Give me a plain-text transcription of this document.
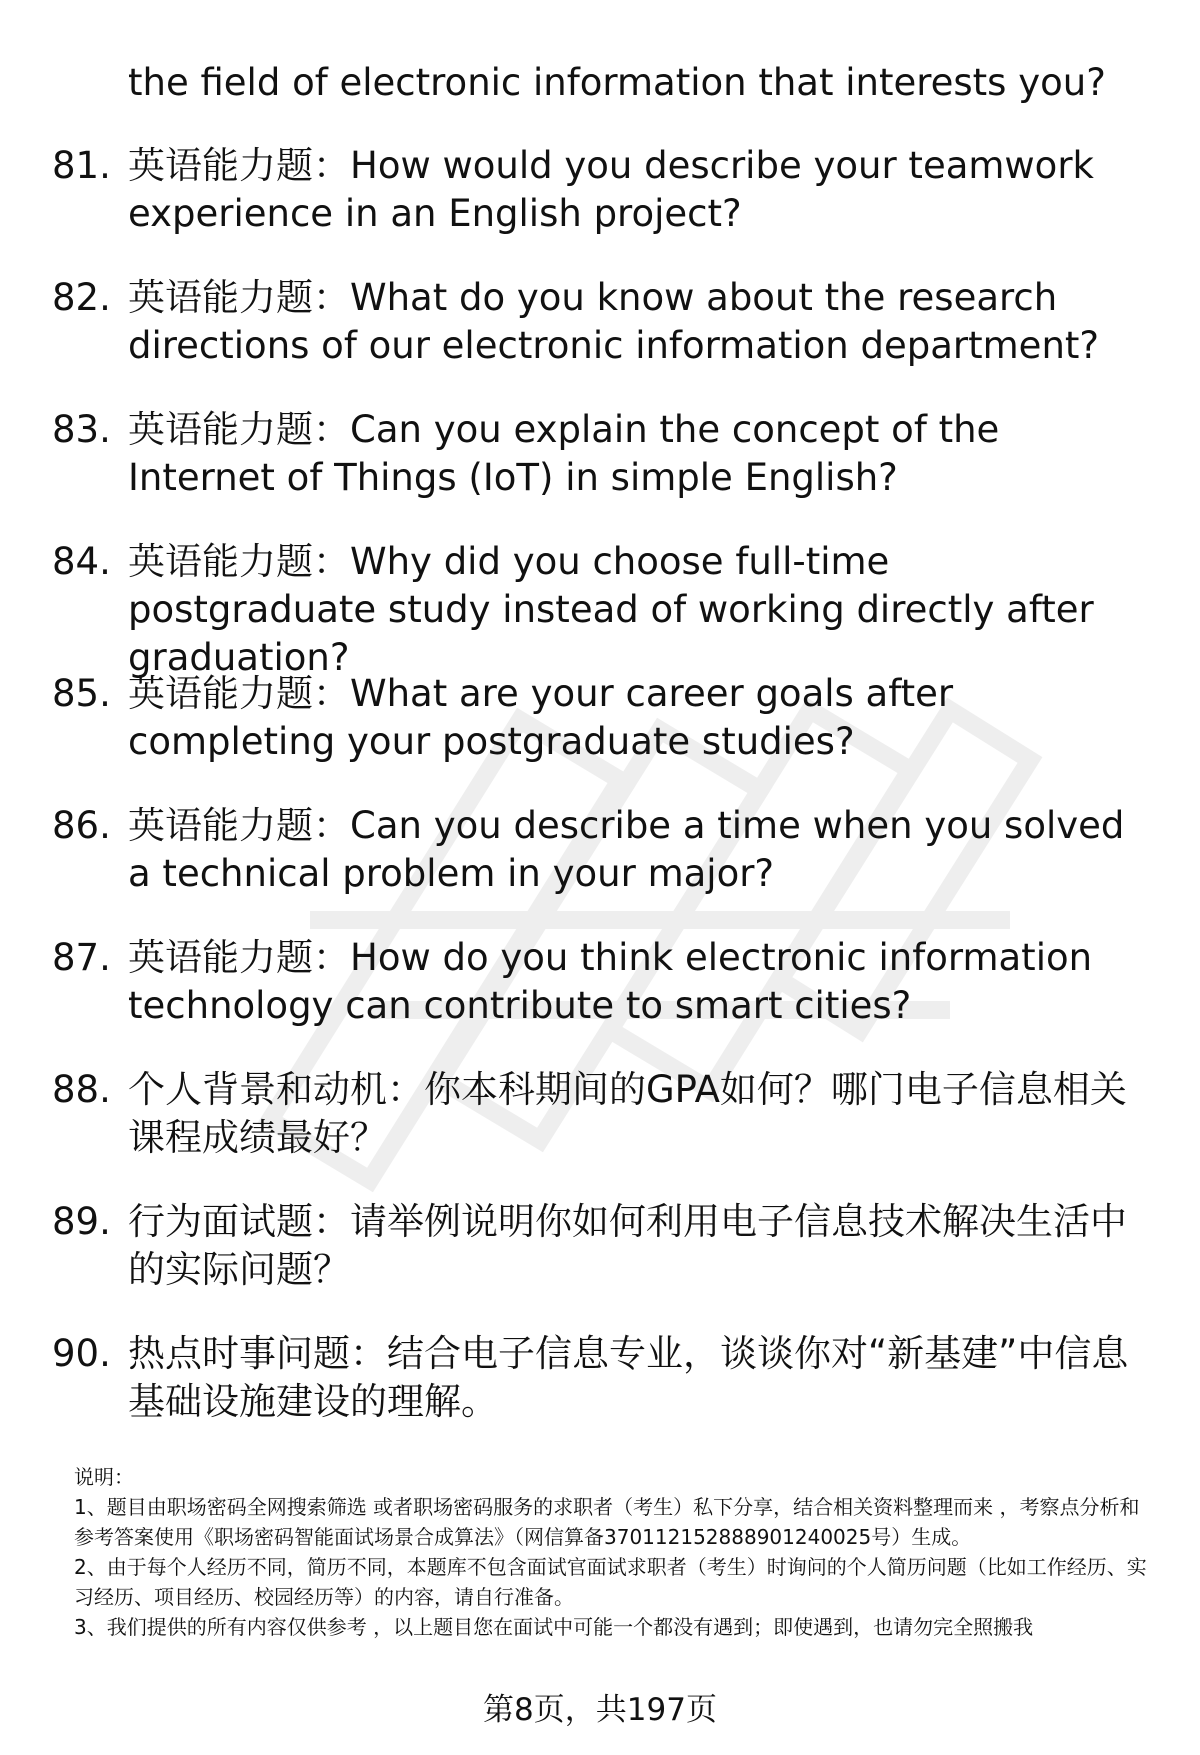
the field of electronic information that interests you?
81. 英语能力题：How would you describe your teamwork experience in an English project?
82. 英语能力题：What do you know about the research directions of our electronic information department?
83. 英语能力题：Can you explain the concept of the Internet of Things (IoT) in simple English?
84. 英语能力题：Why did you choose full-time postgraduate study instead of working directly after graduation?
85. 英语能力题：What are your career goals after completing your postgraduate studies?
86. 英语能力题：Can you describe a time when you solved a technical problem in your major?
87. 英语能力题：How do you think electronic information technology can contribute to smart cities?
88. 个人背景和动机：你本科期间的GPA如何？哪门电子信息相关课程成绩最好？
89. 行为面试题：请举例说明你如何利用电子信息技术解决生活中的实际问题？
90. 热点时事问题：结合电子信息专业，谈谈你对“新基建”中信息基础设施建设的理解。

说明：

1、题目由职场密码全网搜索筛选 或者职场密码服务的求职者（考生）私下分享，结合相关资料整理而来 ，考察点分析和参考答案使用《职场密码智能面试场景合成算法》（网信算备370112152888901240025号）生成。

2、由于每个人经历不同，简历不同，本题库不包含面试官面试求职者（考生）时询问的个人简历问题（比如工作经历、实习经历、项目经历、校园经历等）的内容，请自行准备。

3、我们提供的所有内容仅供参考 ，以上题目您在面试中可能一个都没有遇到；即使遇到，也请勿完全照搬我

第8页，共197页
